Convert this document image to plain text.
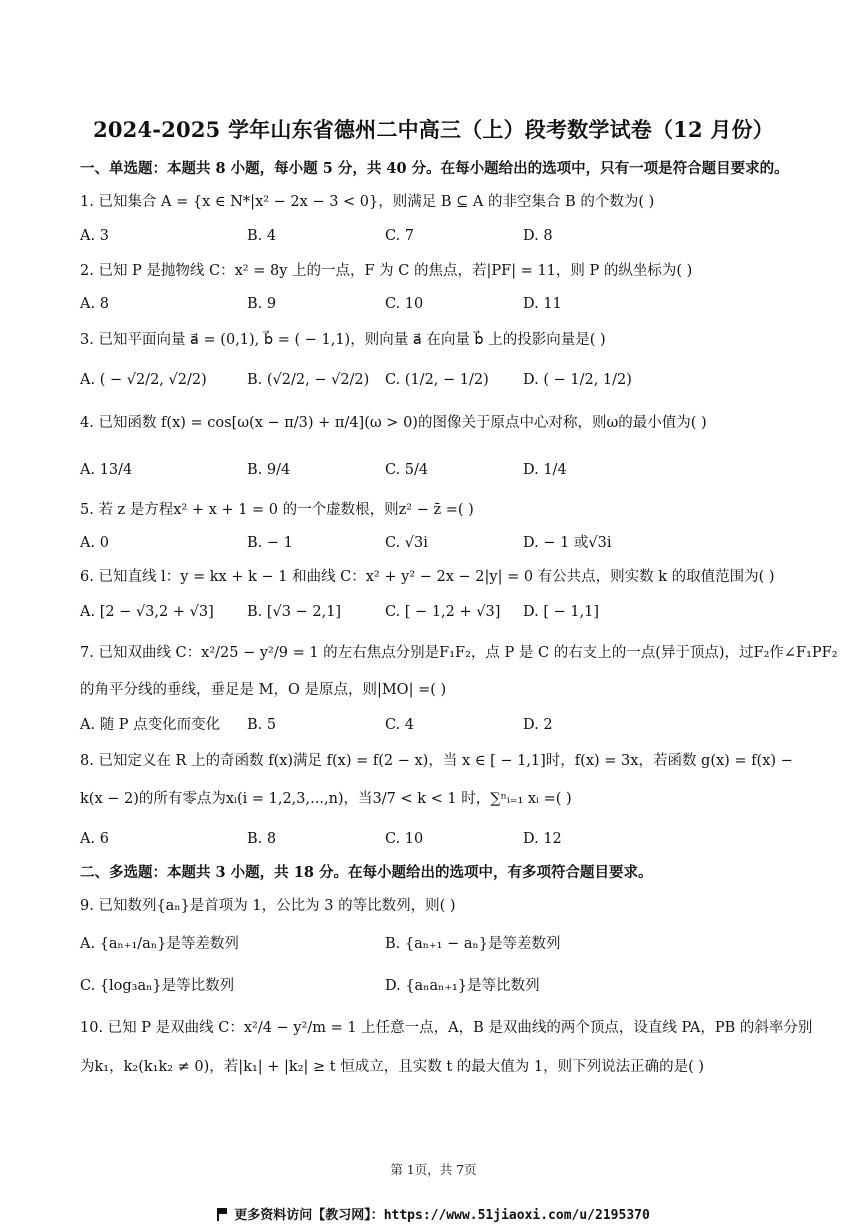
2024-2025 学年山东省德州二中高三（上）段考数学试卷（12 月份）
一、单选题：本题共 8 小题，每小题 5 分，共 40 分。在每小题给出的选项中，只有一项是符合题目要求的。
1. 已知集合 A = {x ∈ N*|x² − 2x − 3 < 0}，则满足 B ⊆ A 的非空集合 B 的个数为( )
A. 3	B. 4	C. 7	D. 8
2. 已知 P 是抛物线 C：x² = 8y 上的一点，F 为 C 的焦点，若|PF| = 11，则 P 的纵坐标为( )
A. 8	B. 9	C. 10	D. 11
3. 已知平面向量 a⃗ = (0,1), b⃗ = ( − 1,1)，则向量 a⃗ 在向量 b⃗ 上的投影向量是( )
A. ( − √2/2, √2/2)	B. (√2/2, − √2/2) C. (1/2, − 1/2) D. ( − 1/2, 1/2)
4. 已知函数 f(x) = cos[ω(x − π/3) + π/4](ω > 0)的图像关于原点中心对称，则ω的最小值为( )
A. 13/4	B. 9/4	C. 5/4	D. 1/4
5. 若 z 是方程x² + x + 1 = 0 的一个虚数根，则z² − z̄ =( )
A. 0	B. − 1	C. √3i	D. − 1 或√3i
6. 已知直线 l：y = kx + k − 1 和曲线 C：x² + y² − 2x − 2|y| = 0 有公共点，则实数 k 的取值范围为( )
A. [2 − √3,2 + √3] B. [√3 − 2,1]	C. [ − 1,2 + √3] D. [ − 1,1]
7. 已知双曲线 C：x²/25 − y²/9 = 1 的左右焦点分别是F₁F₂，点 P 是 C 的右支上的一点(异于顶点)，过F₂作∠F₁PF₂
的角平分线的垂线，垂足是 M，O 是原点，则|MO| =( )
A. 随 P 点变化而变化 B. 5	C. 4	D. 2
8. 已知定义在 R 上的奇函数 f(x)满足 f(x) = f(2 − x)，当 x ∈ [ − 1,1]时，f(x) = 3x，若函数 g(x) = f(x) −
k(x − 2)的所有零点为xᵢ(i = 1,2,3,...,n)，当3/7 < k < 1 时，∑ⁿᵢ₌₁ xᵢ =( )
A. 6	B. 8	C. 10	D. 12
二、多选题：本题共 3 小题，共 18 分。在每小题给出的选项中，有多项符合题目要求。
9. 已知数列{aₙ}是首项为 1，公比为 3 的等比数列，则( )
A. {aₙ₊₁/aₙ}是等差数列	B. {aₙ₊₁ − aₙ}是等差数列
C. {log₃aₙ}是等比数列	D. {aₙaₙ₊₁}是等比数列
10. 已知 P 是双曲线 C：x²/4 − y²/m = 1 上任意一点，A，B 是双曲线的两个顶点，设直线 PA，PB 的斜率分别
为k₁，k₂(k₁k₂ ≠ 0)，若|k₁| + |k₂| ≥ t 恒成立，且实数 t 的最大值为 1，则下列说法正确的是( )
第 1页，共 7页
更多资料访问【教习网】：https://www.51jiaoxi.com/u/2195370
